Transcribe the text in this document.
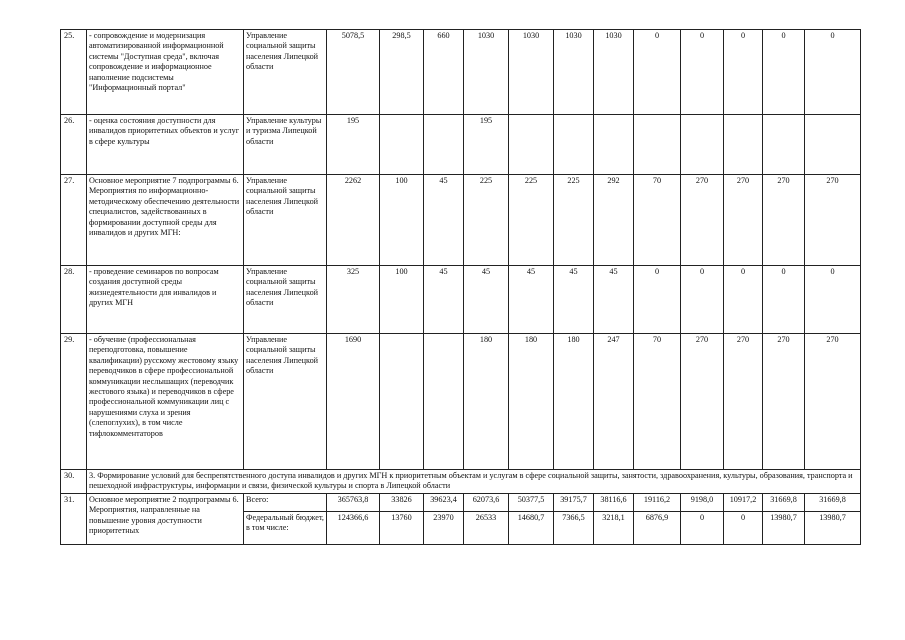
25.	- сопровождение и модернизация автоматизированной информационной системы "Доступная среда", включая сопровождение и информационное наполнение подсистемы "Информационный портал"	Управление социальной защиты населения Липецкой области	5078,5	298,5	660	1030	1030	1030	1030	0	0	0	0	0
26.	- оценка состояния доступности для инвалидов приоритетных объектов и услуг в сфере культуры	Управление культуры и туризма Липецкой области	195			195								
27.	Основное мероприятие 7 подпрограммы 6. Мероприятия по информационно-методическому обеспечению деятельности специалистов, задействованных в формировании доступной среды для инвалидов и других МГН:	Управление социальной защиты населения Липецкой области	2262	100	45	225	225	225	292	70	270	270	270	270
28.	- проведение семинаров по вопросам создания доступной среды жизнедеятельности для инвалидов и других МГН	Управление социальной защиты населения Липецкой области	325	100	45	45	45	45	45	0	0	0	0	0
29.	- обучение (профессиональная переподготовка, повышение квалификации) русскому жестовому языку переводчиков в сфере профессиональной коммуникации неслышащих (переводчик жестового языка) и переводчиков в сфере профессиональной коммуникации лиц с нарушениями слуха и зрения (слепоглухих), в том числе тифлокомментаторов	Управление социальной защиты населения Липецкой области	1690			180	180	180	247	70	270	270	270	270
30.	3. Формирование условий для беспрепятственного доступа инвалидов и других МГН к приоритетным объектам и услугам в сфере социальной защиты, занятости, здравоохранения, культуры, образования, транспорта и пешеходной инфраструктуры, информации и связи, физической культуры и спорта в Липецкой области													
31.	Основное мероприятие 2 подпрограммы 6. Мероприятия, направленные на повышение уровня доступности приоритетных	Всего:	365763,8	33826	39623,4	62073,6	50377,5	39175,7	38116,6	19116,2	9198,0	10917,2	31669,8	31669,8
		Федеральный бюджет, в том числе:	124366,6	13760	23970	26533	14680,7	7366,5	3218,1	6876,9	0	0	13980,7	13980,7
